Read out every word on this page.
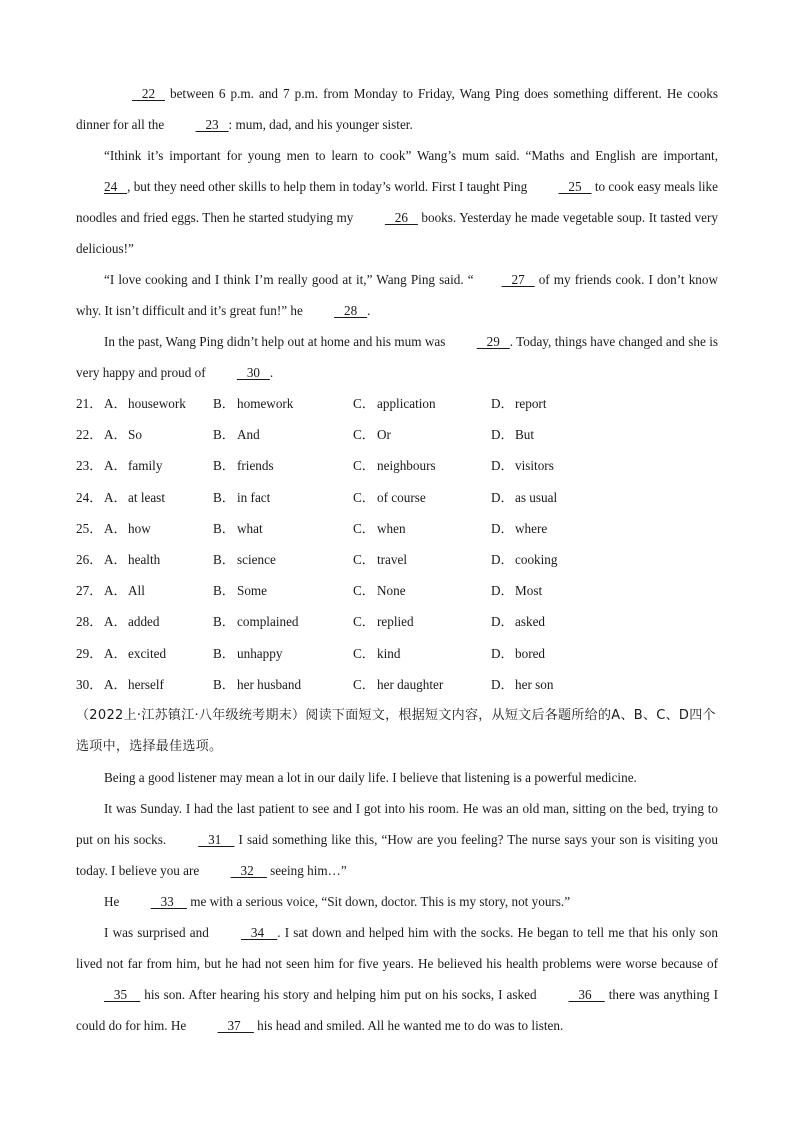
22    between 6 p.m. and 7 p.m. from Monday to Friday, Wang Ping does something different. He cooks dinner for all the    23   : mum, dad, and his younger sister.

“Ithink it’s important for young men to learn to cook” Wang’s mum said. “Maths and English are important, 24   , but they need other skills to help them in today’s world. First I taught Ping    25    to cook easy meals like noodles and fried eggs. Then he started studying my    26    books. Yesterday he made vegetable soup. It tasted very delicious!”

“I love cooking and I think I’m really good at it,” Wang Ping said. “   27    of my friends cook. I don’t know why. It isn’t difficult and it’s great fun!” he    28   .

In the past, Wang Ping didn’t help out at home and his mum was    29   . Today, things have changed and she is very happy and proud of    30   .

21． A．housework	B． homework	C． application	D．report
22． A．So	B． And	C． Or	D．But
23． A．family	B． friends	C． neighbours	D．visitors
24． A．at least	B． in fact	C． of course	D．as usual
25． A．how	B． what	C． when	D．where
26． A．health	B． science	C． travel	D．cooking
27． A．All	B． Some	C． None	D．Most
28． A．added	B． complained	C． replied	D．asked
29． A．excited	B． unhappy	C． kind	D．bored
30． A．herself	B． her husband	C． her daughter	D．her son

（2022上·江苏镇江·八年级统考期末）阅读下面短文，根据短文内容，从短文后各题所给的A、B、C、D四个选项中，选择最佳选项。

Being a good listener may mean a lot in our daily life. I believe that listening is a powerful medicine.

It was Sunday. I had the last patient to see and I got into his room. He was an old man, sitting on the bed, trying to put on his socks.    31     I said something like this, “How are you feeling? The nurse says your son is visiting you today. I believe you are    32     seeing him…”

He    33     me with a serious voice, “Sit down, doctor. This is my story, not yours.”

I was surprised and    34    . I sat down and helped him with the socks. He began to tell me that his only son lived not far from him, but he had not seen him for five years. He believed his health problems were worse because of    35     his son. After hearing his story and helping him put on his socks, I asked    36     there was anything I could do for him. He    37     his head and smiled. All he wanted me to do was to listen.
